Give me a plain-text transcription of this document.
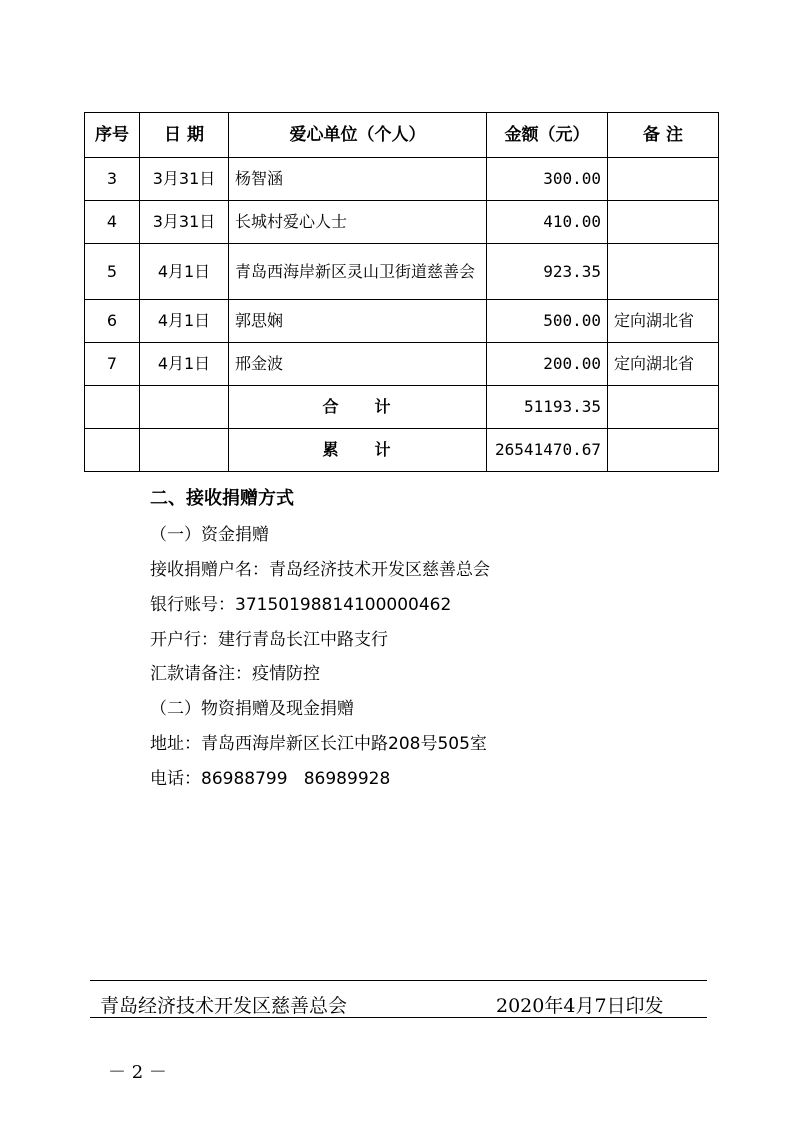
序号	日 期	爱心单位（个人）	金额（元）	备 注
3	3月31日	杨智涵	300.00	
4	3月31日	长城村爱心人士	410.00	
5	4月1日	青岛西海岸新区灵山卫街道慈善会	923.35	
6	4月1日	郭思娴	500.00	定向湖北省
7	4月1日	邢金波	200.00	定向湖北省
		合 计	51193.35	
		累 计	26541470.67	
二、接收捐赠方式
（一）资金捐赠
接收捐赠户名：青岛经济技术开发区慈善总会
银行账号：37150198814100000462
开户行：建行青岛长江中路支行
汇款请备注：疫情防控
（二）物资捐赠及现金捐赠
地址：青岛西海岸新区长江中路208号505室
电话：86988799   86989928
青岛经济技术开发区慈善总会	2020年4月7日印发
－ 2 －
